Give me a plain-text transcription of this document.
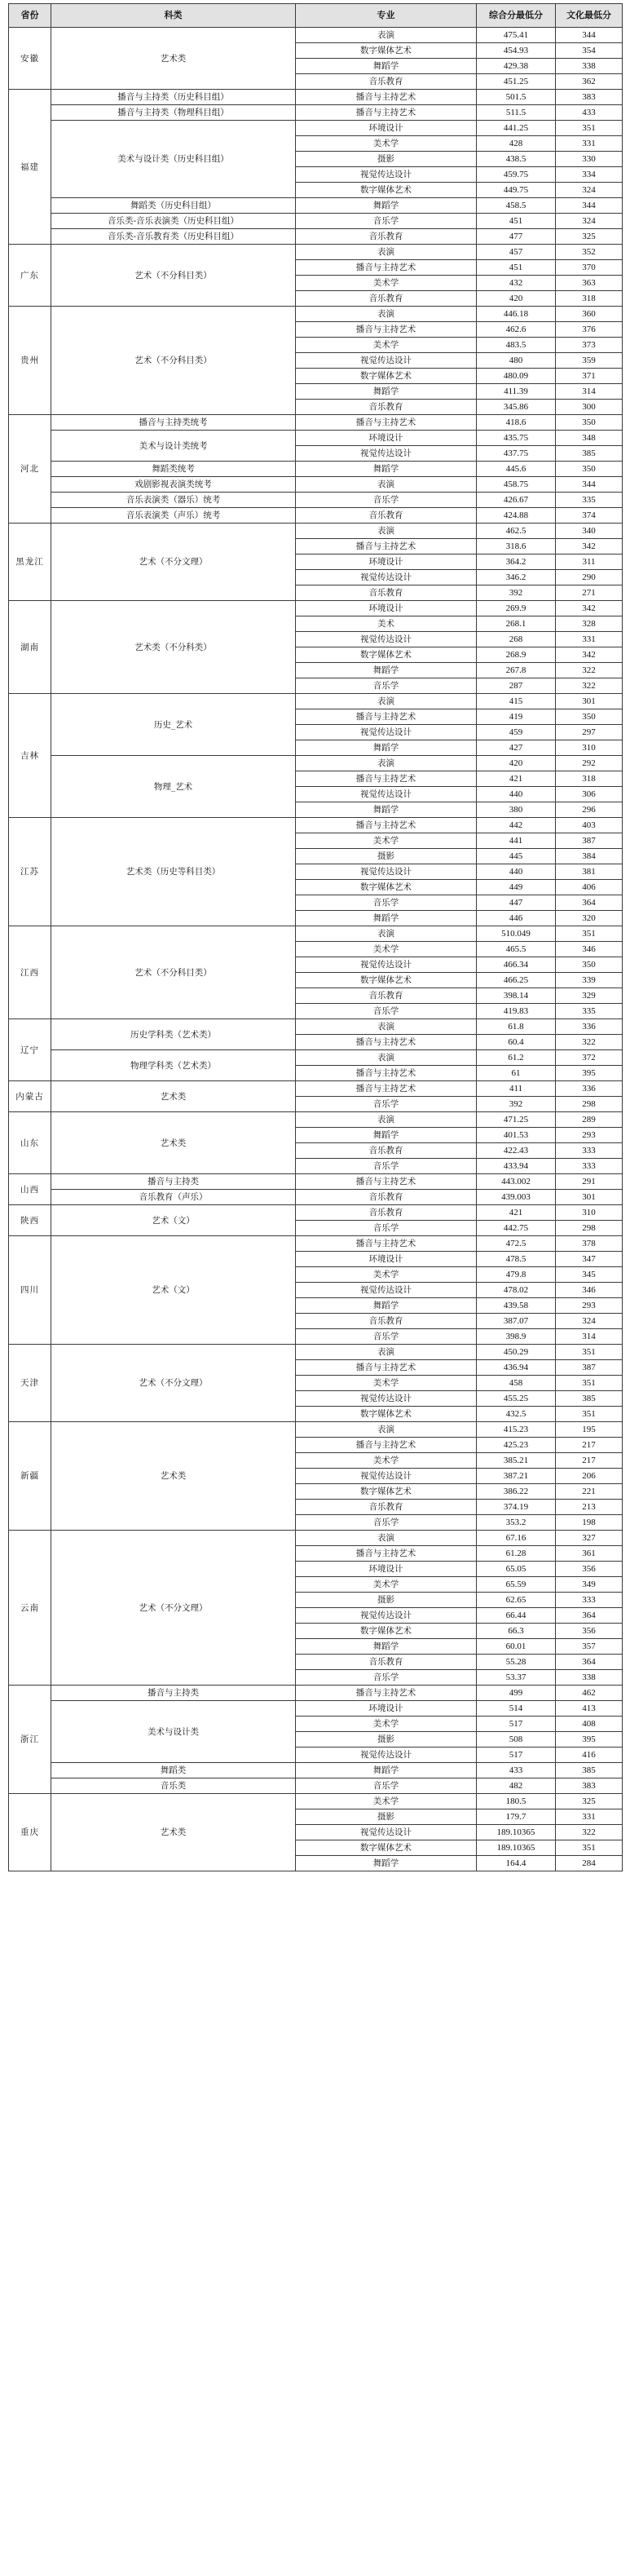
省份	科类	专业	综合分最低分	文化最低分
安徽	艺术类	表演	475.41	344
		数字媒体艺术	454.93	354
		舞蹈学	429.38	338
		音乐教育	451.25	362
福建	播音与主持类（历史科目组）	播音与主持艺术	501.5	383
	播音与主持类（物理科目组）	播音与主持艺术	511.5	433
	美术与设计类（历史科目组）	环境设计	441.25	351
		美术学	428	331
		摄影	438.5	330
		视觉传达设计	459.75	334
		数字媒体艺术	449.75	324
	舞蹈类（历史科目组）	舞蹈学	458.5	344
	音乐类-音乐表演类（历史科目组）	音乐学	451	324
	音乐类-音乐教育类（历史科目组）	音乐教育	477	325
广东	艺术（不分科目类）	表演	457	352
		播音与主持艺术	451	370
		美术学	432	363
		音乐教育	420	318
贵州	艺术（不分科目类）	表演	446.18	360
		播音与主持艺术	462.6	376
		美术学	483.5	373
		视觉传达设计	480	359
		数字媒体艺术	480.09	371
		舞蹈学	411.39	314
		音乐教育	345.86	300
河北	播音与主持类统考	播音与主持艺术	418.6	350
	美术与设计类统考	环境设计	435.75	348
		视觉传达设计	437.75	385
	舞蹈类统考	舞蹈学	445.6	350
	戏剧影视表演类统考	表演	458.75	344
	音乐表演类（器乐）统考	音乐学	426.67	335
	音乐表演类（声乐）统考	音乐教育	424.88	374
黑龙江	艺术（不分文理）	表演	462.5	340
		播音与主持艺术	318.6	342
		环境设计	364.2	311
		视觉传达设计	346.2	290
		音乐教育	392	271
湖南	艺术类（不分科类）	环境设计	269.9	342
		美术	268.1	328
		视觉传达设计	268	331
		数字媒体艺术	268.9	342
		舞蹈学	267.8	322
		音乐学	287	322
吉林	历史_艺术	表演	415	301
		播音与主持艺术	419	350
		视觉传达设计	459	297
		舞蹈学	427	310
	物理_艺术	表演	420	292
		播音与主持艺术	421	318
		视觉传达设计	440	306
		舞蹈学	380	296
江苏	艺术类（历史等科目类）	播音与主持艺术	442	403
		美术学	441	387
		摄影	445	384
		视觉传达设计	440	381
		数字媒体艺术	449	406
		音乐学	447	364
		舞蹈学	446	320
江西	艺术（不分科目类）	表演	510.049	351
		美术学	465.5	346
		视觉传达设计	466.34	350
		数字媒体艺术	466.25	339
		音乐教育	398.14	329
		音乐学	419.83	335
辽宁	历史学科类（艺术类）	表演	61.8	336
		播音与主持艺术	60.4	322
	物理学科类（艺术类）	表演	61.2	372
		播音与主持艺术	61	395
内蒙古	艺术类	播音与主持艺术	411	336
		音乐学	392	298
山东	艺术类	表演	471.25	289
		舞蹈学	401.53	293
		音乐教育	422.43	333
		音乐学	433.94	333
山西	播音与主持类	播音与主持艺术	443.002	291
	音乐教育（声乐）	音乐教育	439.003	301
陕西	艺术（文）	音乐教育	421	310
		音乐学	442.75	298
四川	艺术（文）	播音与主持艺术	472.5	378
		环境设计	478.5	347
		美术学	479.8	345
		视觉传达设计	478.02	346
		舞蹈学	439.58	293
		音乐教育	387.07	324
		音乐学	398.9	314
天津	艺术（不分文理）	表演	450.29	351
		播音与主持艺术	436.94	387
		美术学	458	351
		视觉传达设计	455.25	385
		数字媒体艺术	432.5	351
新疆	艺术类	表演	415.23	195
		播音与主持艺术	425.23	217
		美术学	385.21	217
		视觉传达设计	387.21	206
		数字媒体艺术	386.22	221
		音乐教育	374.19	213
		音乐学	353.2	198
云南	艺术（不分文理）	表演	67.16	327
		播音与主持艺术	61.28	361
		环境设计	65.05	356
		美术学	65.59	349
		摄影	62.65	333
		视觉传达设计	66.44	364
		数字媒体艺术	66.3	356
		舞蹈学	60.01	357
		音乐教育	55.28	364
		音乐学	53.37	338
浙江	播音与主持类	播音与主持艺术	499	462
	美术与设计类	环境设计	514	413
		美术学	517	408
		摄影	508	395
		视觉传达设计	517	416
	舞蹈类	舞蹈学	433	385
	音乐类	音乐学	482	383
重庆	艺术类	美术学	180.5	325
		摄影	179.7	331
		视觉传达设计	189.10365	322
		数字媒体艺术	189.10365	351
		舞蹈学	164.4	284
